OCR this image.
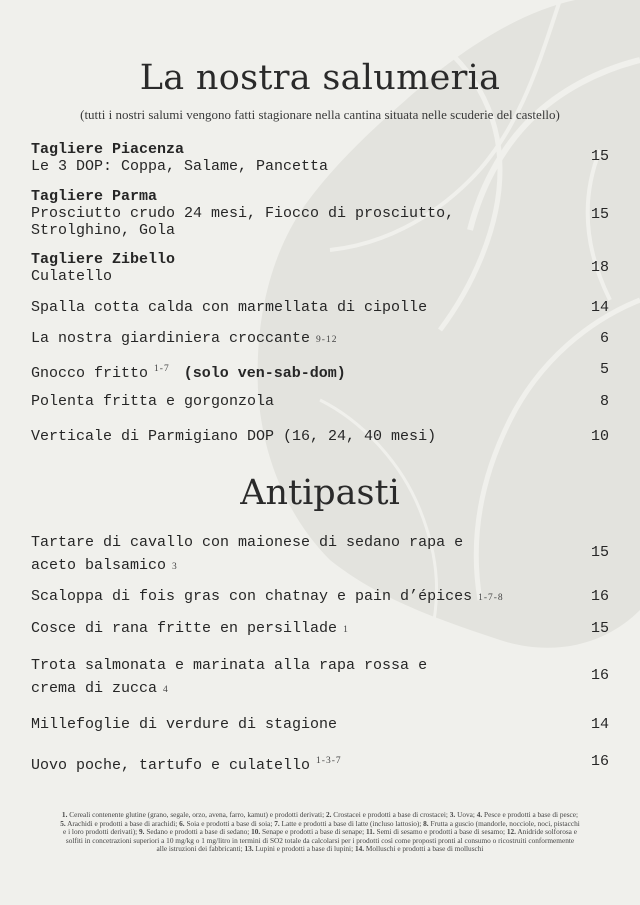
La nostra salumeria

(tutti i nostri salumi vengono fatti stagionare nella cantina situata nelle scuderie del castello)

Tagliere Piacenza
Le 3 DOP: Coppa, Salame, Pancetta
15
Tagliere Parma
Prosciutto crudo 24 mesi, Fiocco di prosciutto,
Strolghino, Gola
15
Tagliere Zibello
Culatello
18
Spalla cotta calda con marmellata di cipolle	14
La nostra giardiniera croccante 9-12	6
Gnocco fritto $^{1-7}$ (solo ven-sab-dom)	5
Polenta fritta e gorgonzola	8
Verticale di Parmigiano DOP (16, 24, 40 mesi)	10
Antipasti
Tartare di cavallo con maionese di sedano rapa e
aceto balsamico 3
15
Scaloppa di fois gras con chatnay e pain d’épices 1-7-8	16
Cosce di rana fritte en persillade 1	15
Trota salmonata e marinata alla rapa rossa e
crema di zucca 4
16
Millefoglie di verdure di stagione	14
Uovo poche, tartufo e culatello $^{1-3-7}$	16
1. Cereali contenente glutine (grano, segale, orzo, avena, farro, kamut) e prodotti derivati; 2. Crostacei e prodotti a base di crostacei; 3. Uova; 4. Pesce e prodotti a base di pesce; 5. Arachidi e prodotti a base di arachidi; 6. Soia e prodotti a base di soia; 7. Latte e prodotti a base di latte (incluso lattosio); 8. Frutta a guscio (mandorle, nocciole, noci, pistacchi e i loro prodotti derivati); 9. Sedano e prodotti a base di sedano; 10. Senape e prodotti a base di senape; 11. Semi di sesamo e prodotti a base di sesamo; 12. Anidride solforosa e solfiti in concetrazioni superiori a 10 mg/kg o 1 mg/litro in termini di SO2 totale da calcolarsi per i prodotti così come proposti pronti al consumo o ricostruiti conformemente alle istruzioni dei fabbricanti; 13. Lupini e prodotti a base di lupini; 14. Molluschi e prodotti a base di molluschi
